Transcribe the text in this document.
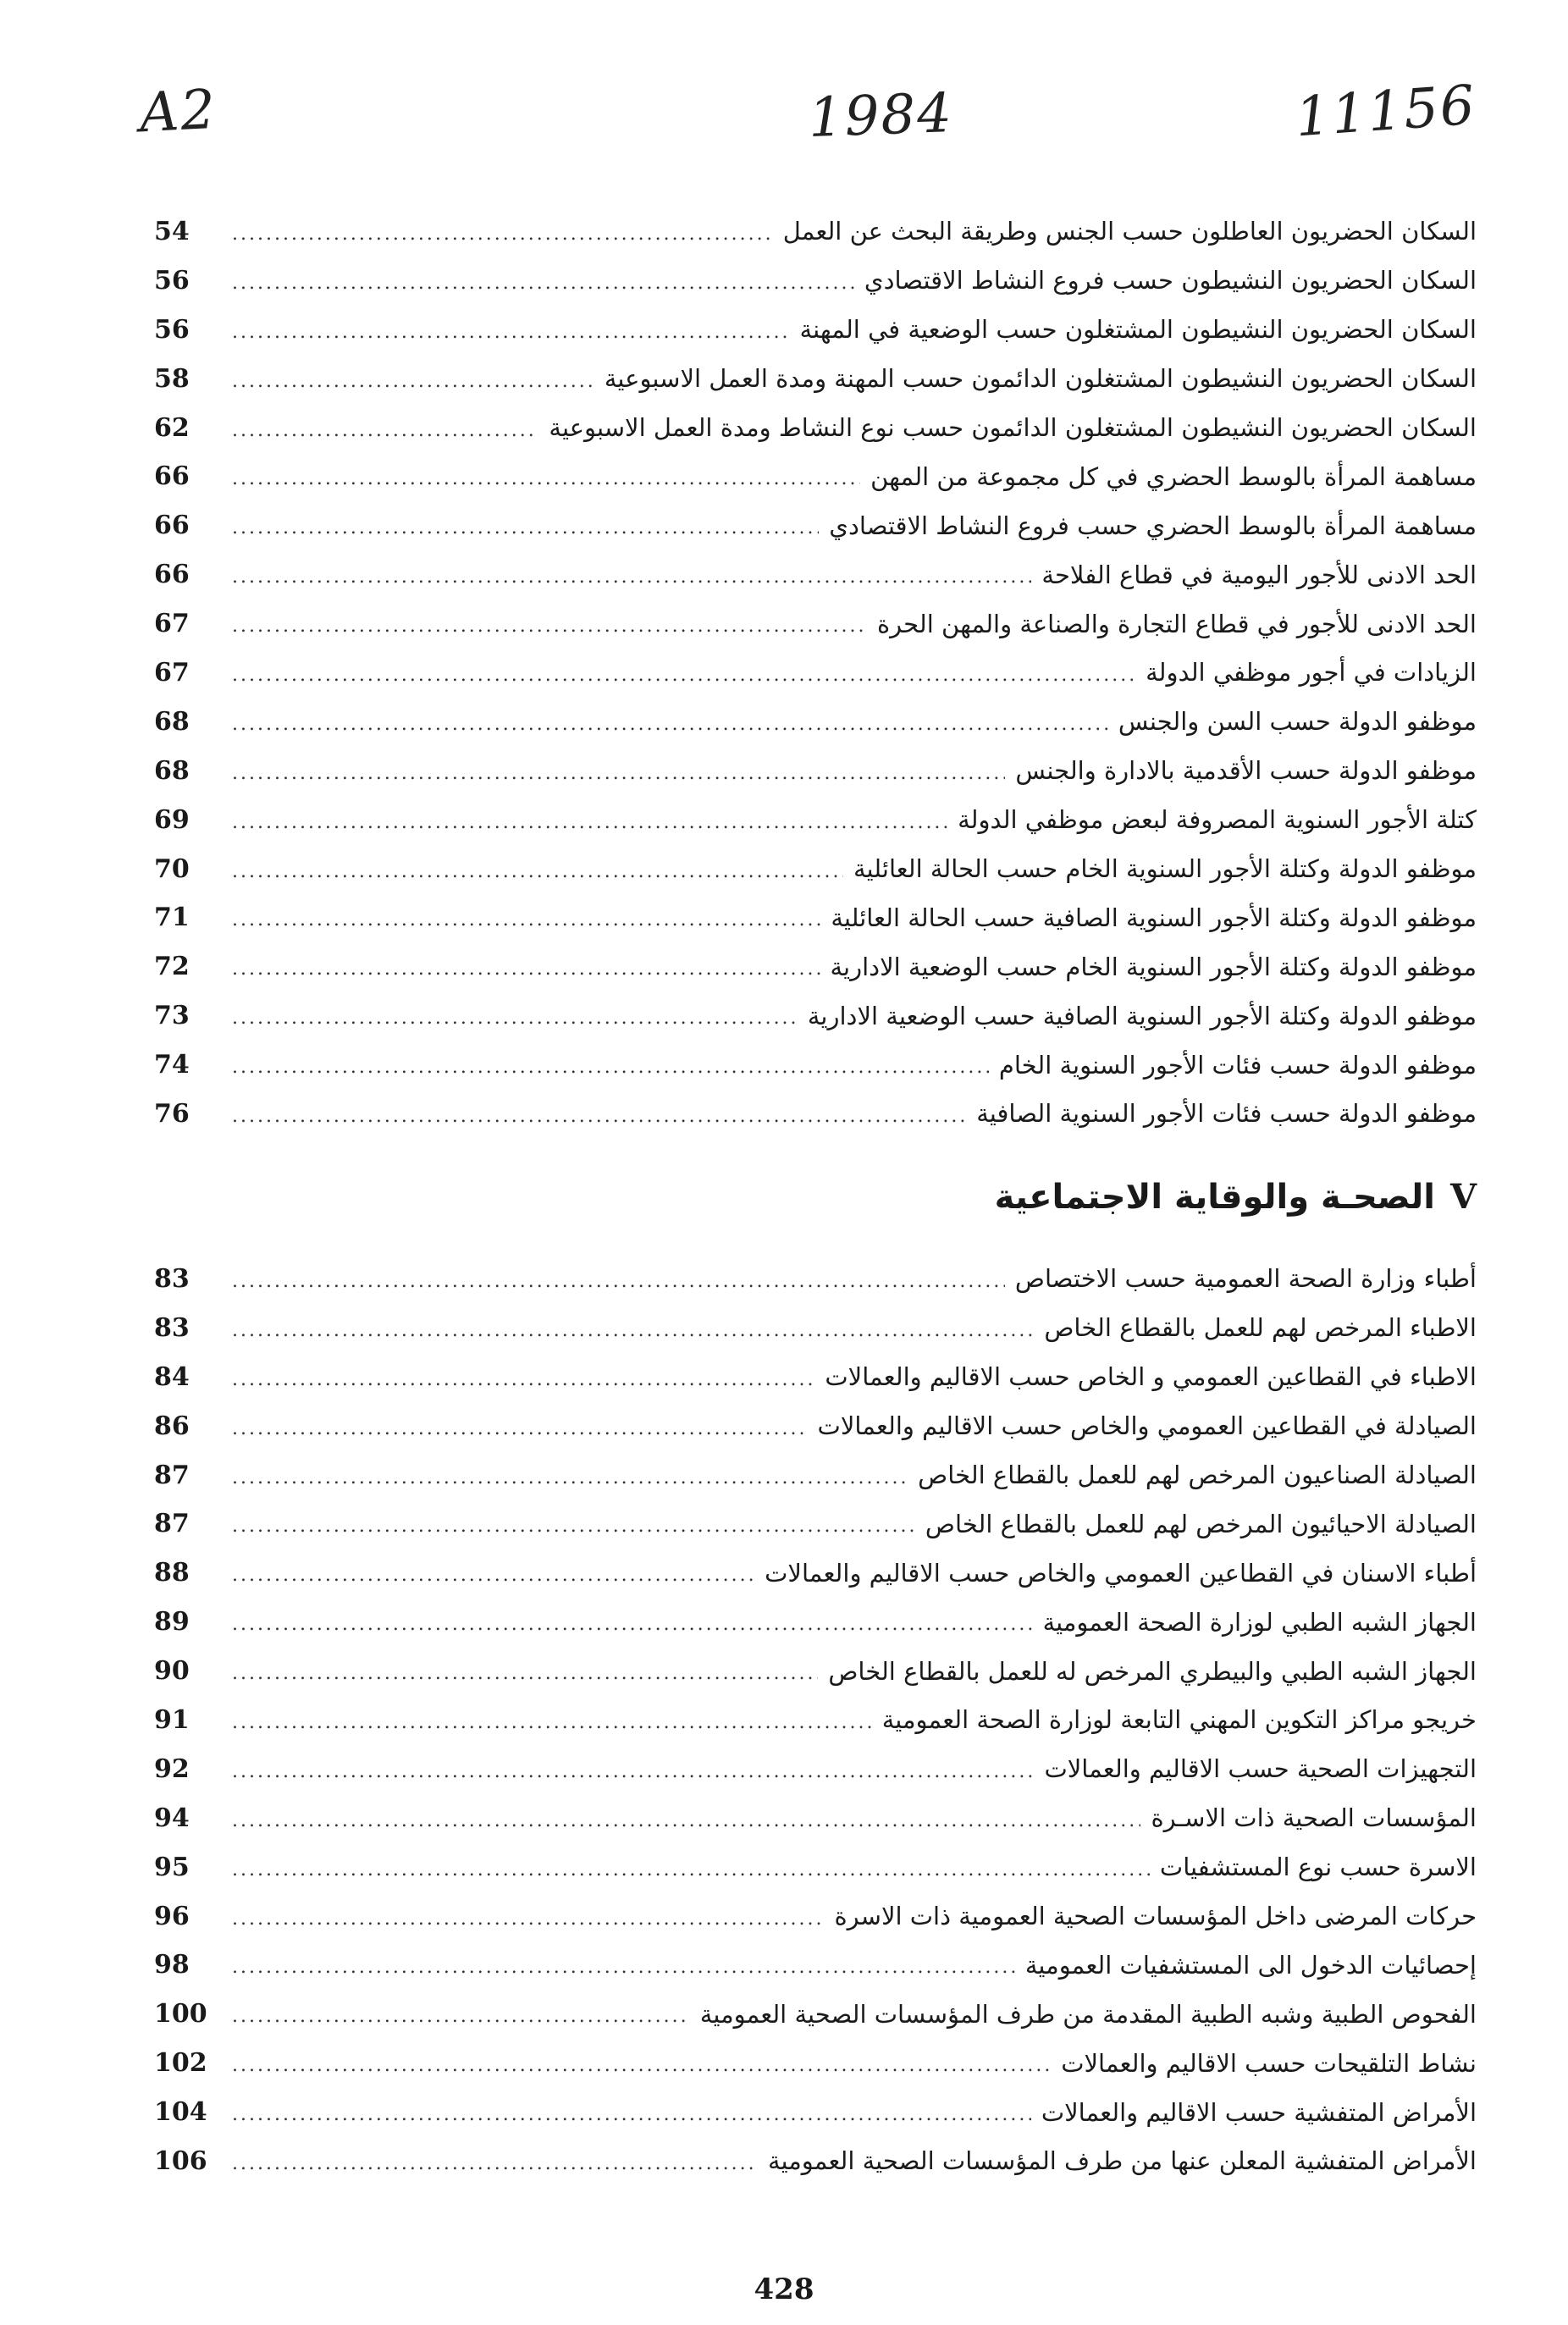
A2	1984	11156
السكان الحضريون العاطلون حسب الجنس وطريقة البحث عن العمل
.....
54
السكان الحضريون النشيطون حسب فروع النشاط الاقتصادي
.....
56
السكان الحضريون النشيطون المشتغلون حسب الوضعية في المهنة
.....
56
السكان الحضريون النشيطون المشتغلون الدائمون حسب المهنة ومدة العمل الاسبوعية
.....
58
السكان الحضريون النشيطون المشتغلون الدائمون حسب نوع النشاط ومدة العمل الاسبوعية
.....
62
مساهمة المرأة بالوسط الحضري في كل مجموعة من المهن
.....
66
مساهمة المرأة بالوسط الحضري حسب فروع النشاط الاقتصادي
.....
66
الحد الادنى للأجور اليومية في قطاع الفلاحة
.....
66
الحد الادنى للأجور في قطاع التجارة والصناعة والمهن الحرة
.....
67
الزيادات في أجور موظفي الدولة
.....
67
موظفو الدولة حسب السن والجنس
.....
68
موظفو الدولة حسب الأقدمية بالادارة والجنس
.....
68
كتلة الأجور السنوية المصروفة لبعض موظفي الدولة
.....
69
موظفو الدولة وكتلة الأجور السنوية الخام حسب الحالة العائلية
.....
70
موظفو الدولة وكتلة الأجور السنوية الصافية حسب الحالة العائلية
.....
71
موظفو الدولة وكتلة الأجور السنوية الخام حسب الوضعية الادارية
.....
72
موظفو الدولة وكتلة الأجور السنوية الصافية حسب الوضعية الادارية
.....
73
موظفو الدولة حسب فئات الأجور السنوية الخام
.....
74
موظفو الدولة حسب فئات الأجور السنوية الصافية
.....
76
V
الصحـة والوقاية الاجتماعية
أطباء وزارة الصحة العمومية حسب الاختصاص
.....
83
الاطباء المرخص لهم للعمل بالقطاع الخاص
.....
83
الاطباء في القطاعين العمومي و الخاص حسب الاقاليم والعمالات
.....
84
الصيادلة في القطاعين العمومي والخاص حسب الاقاليم والعمالات
.....
86
الصيادلة الصناعيون المرخص لهم للعمل بالقطاع الخاص
.....
87
الصيادلة الاحيائيون المرخص لهم للعمل بالقطاع الخاص
.....
87
أطباء الاسنان في القطاعين العمومي والخاص حسب الاقاليم والعمالات
.....
88
الجهاز الشبه الطبي لوزارة الصحة العمومية
.....
89
الجهاز الشبه الطبي والبيطري المرخص له للعمل بالقطاع الخاص
.....
90
خريجو مراكز التكوين المهني التابعة لوزارة الصحة العمومية
.....
91
التجهيزات الصحية حسب الاقاليم والعمالات
.....
92
المؤسسات الصحية ذات الاسـرة
.....
94
الاسرة حسب نوع المستشفيات
.....
95
حركات المرضى داخل المؤسسات الصحية العمومية ذات الاسرة
.....
96
إحصائيات الدخول الى المستشفيات العمومية
.....
98
الفحوص الطبية وشبه الطبية المقدمة من طرف المؤسسات الصحية العمومية
.....
100
نشاط التلقيحات حسب الاقاليم والعمالات
.....
102
الأمراض المتفشية حسب الاقاليم والعمالات
.....
104
الأمراض المتفشية المعلن عنها من طرف المؤسسات الصحية العمومية
.....
106
428
